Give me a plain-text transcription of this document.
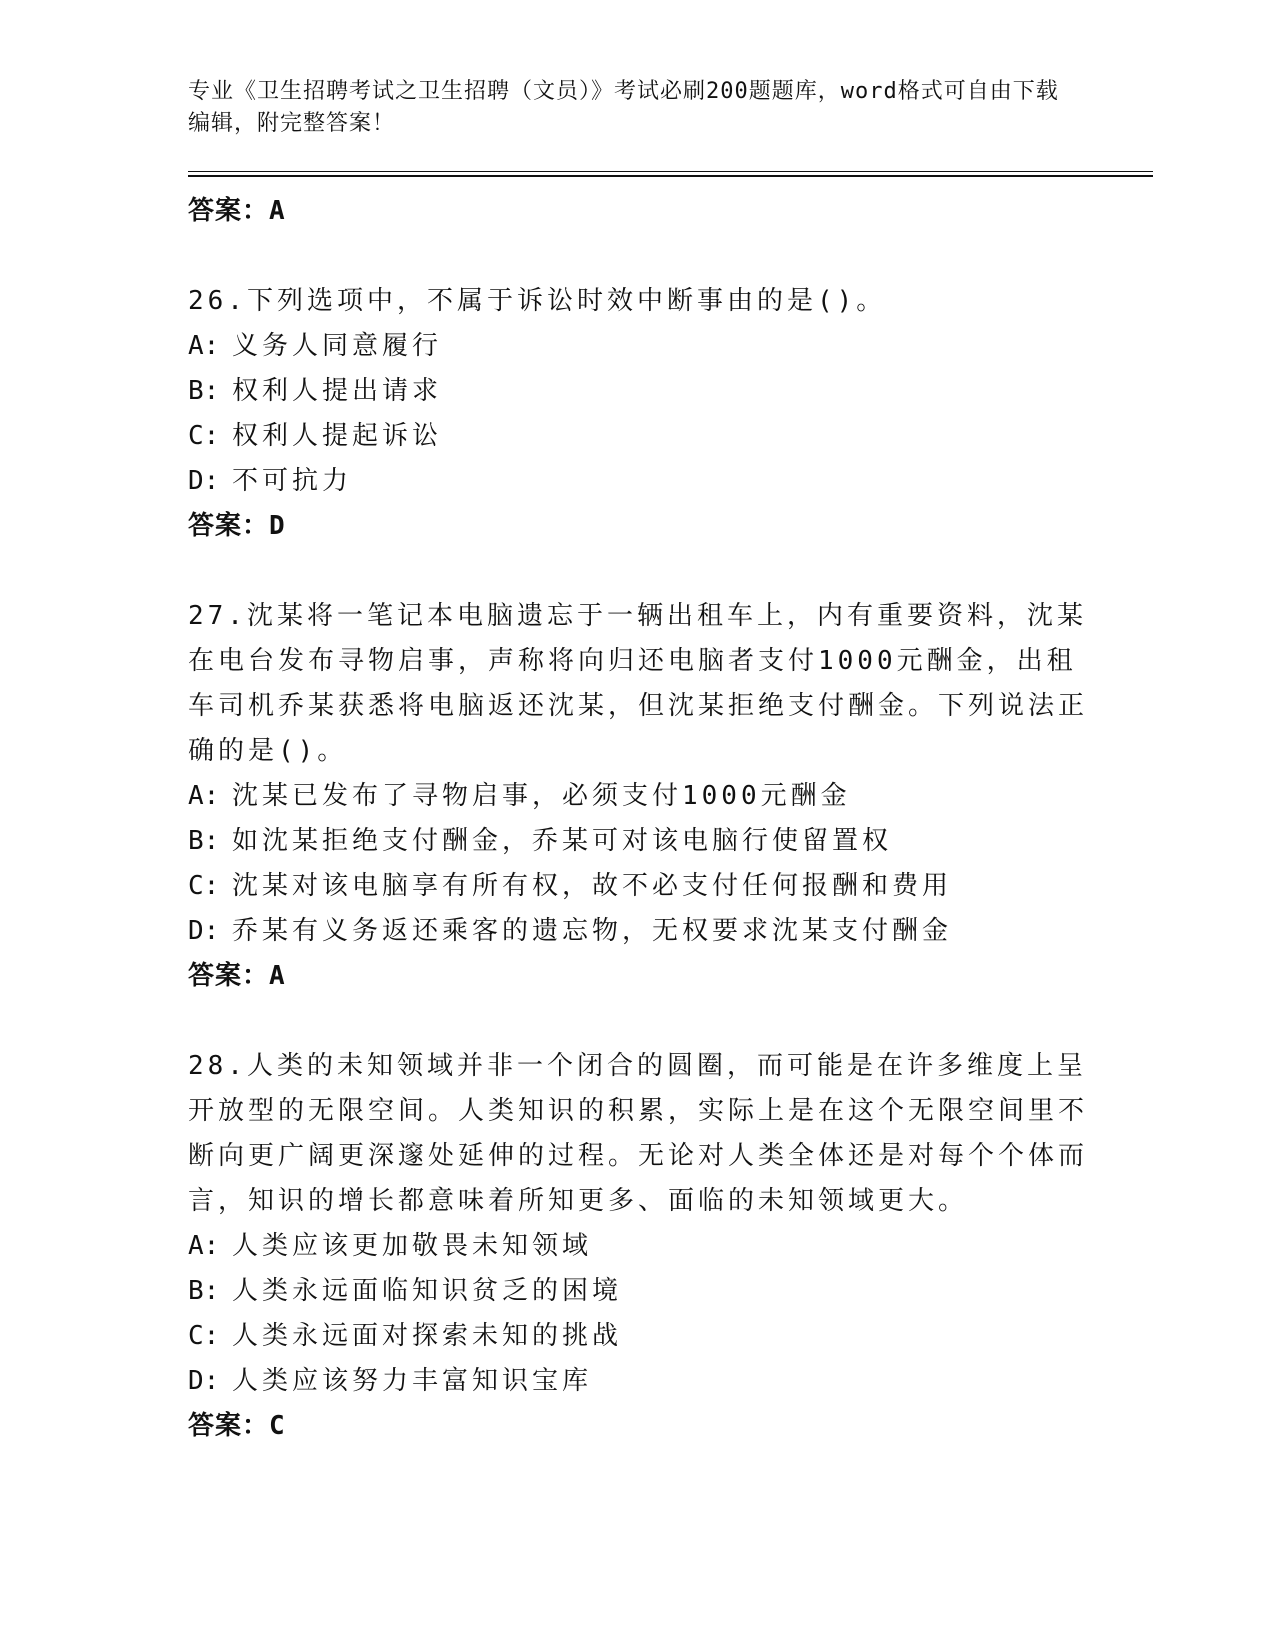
专业《卫生招聘考试之卫生招聘（文员）》考试必刷200题题库，word格式可自由下载编辑，附完整答案！

答案：A

26.下列选项中，不属于诉讼时效中断事由的是()。

A: 义务人同意履行

B: 权利人提出请求

C: 权利人提起诉讼

D: 不可抗力

答案：D

27.沈某将一笔记本电脑遗忘于一辆出租车上，内有重要资料，沈某在电台发布寻物启事，声称将向归还电脑者支付1000元酬金，出租车司机乔某获悉将电脑返还沈某，但沈某拒绝支付酬金。下列说法正确的是()。

A: 沈某已发布了寻物启事，必须支付1000元酬金

B: 如沈某拒绝支付酬金，乔某可对该电脑行使留置权

C: 沈某对该电脑享有所有权，故不必支付任何报酬和费用

D: 乔某有义务返还乘客的遗忘物，无权要求沈某支付酬金

答案：A

28.人类的未知领域并非一个闭合的圆圈，而可能是在许多维度上呈开放型的无限空间。人类知识的积累，实际上是在这个无限空间里不断向更广阔更深邃处延伸的过程。无论对人类全体还是对每个个体而言，知识的增长都意味着所知更多、面临的未知领域更大。

A: 人类应该更加敬畏未知领域

B: 人类永远面临知识贫乏的困境

C: 人类永远面对探索未知的挑战

D: 人类应该努力丰富知识宝库

答案：C
